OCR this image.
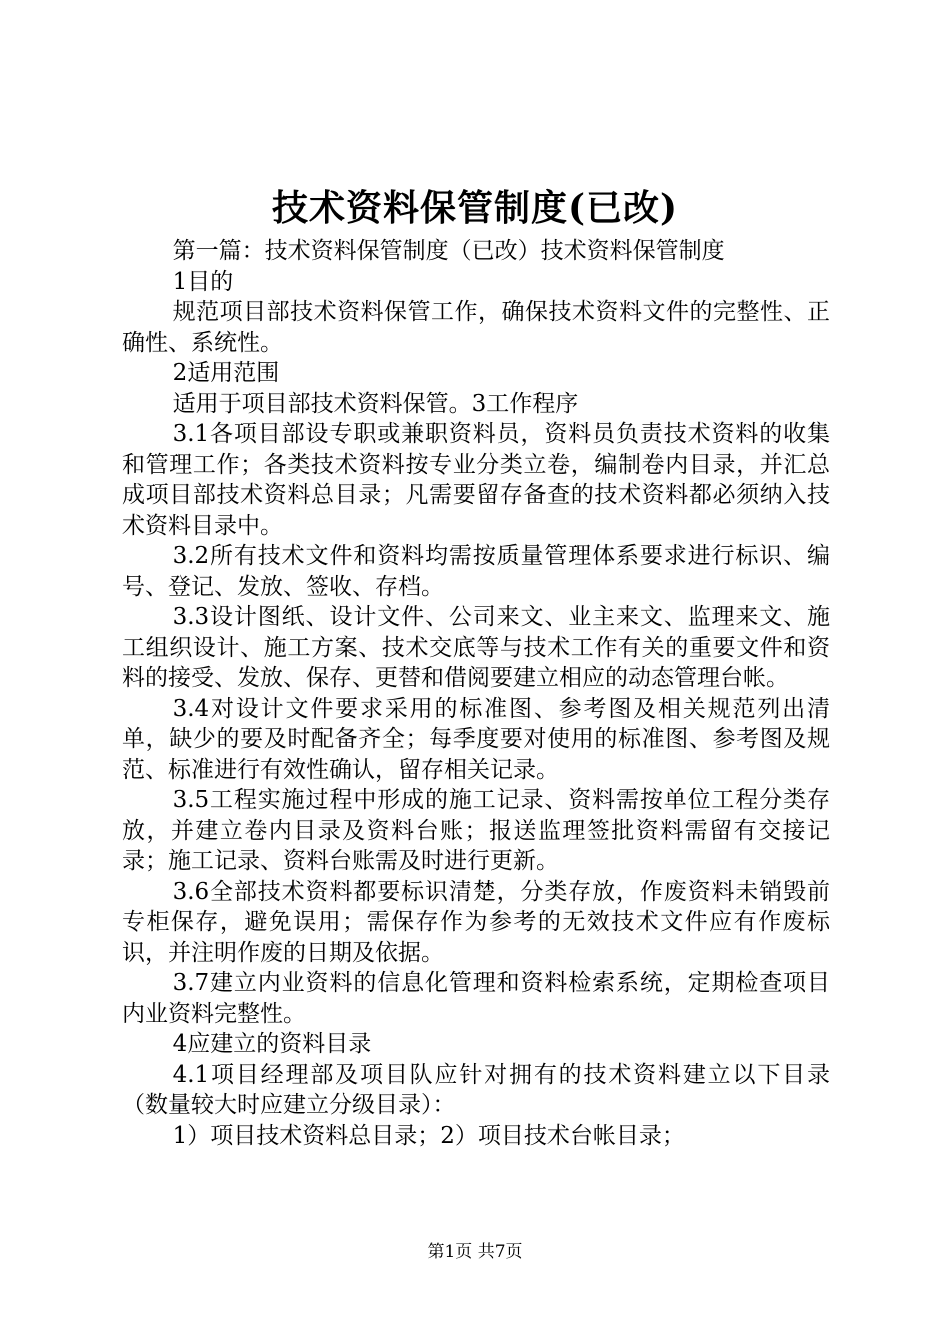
技术资料保管制度(已改)

第一篇：技术资料保管制度（已改）技术资料保管制度

1目的

规范项目部技术资料保管工作，确保技术资料文件的完整性、正确性、系统性。

2适用范围

适用于项目部技术资料保管。3工作程序

3.1各项目部设专职或兼职资料员，资料员负责技术资料的收集和管理工作；各类技术资料按专业分类立卷，编制卷内目录，并汇总成项目部技术资料总目录；凡需要留存备查的技术资料都必须纳入技术资料目录中。

3.2所有技术文件和资料均需按质量管理体系要求进行标识、编号、登记、发放、签收、存档。

3.3设计图纸、设计文件、公司来文、业主来文、监理来文、施工组织设计、施工方案、技术交底等与技术工作有关的重要文件和资料的接受、发放、保存、更替和借阅要建立相应的动态管理台帐。

3.4对设计文件要求采用的标准图、参考图及相关规范列出清单，缺少的要及时配备齐全；每季度要对使用的标准图、参考图及规范、标准进行有效性确认，留存相关记录。

3.5工程实施过程中形成的施工记录、资料需按单位工程分类存放，并建立卷内目录及资料台账；报送监理签批资料需留有交接记录；施工记录、资料台账需及时进行更新。

3.6全部技术资料都要标识清楚，分类存放，作废资料未销毁前专柜保存，避免误用；需保存作为参考的无效技术文件应有作废标识，并注明作废的日期及依据。

3.7建立内业资料的信息化管理和资料检索系统，定期检查项目内业资料完整性。

4应建立的资料目录

4.1项目经理部及项目队应针对拥有的技术资料建立以下目录（数量较大时应建立分级目录）：

1）项目技术资料总目录；2）项目技术台帐目录；

第1页 共7页
